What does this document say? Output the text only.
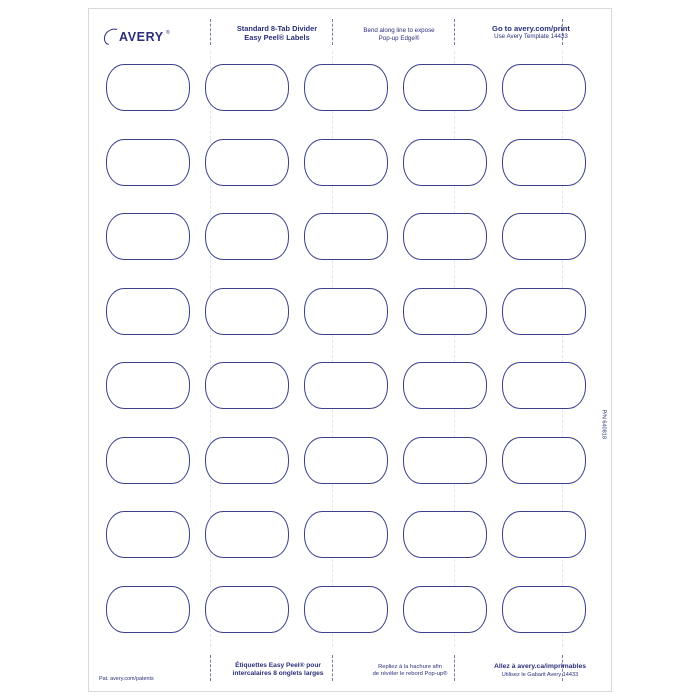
AVERY ®	Standard 8-Tab Divider
Easy Peel® Labels
Bend along line to expose
Pop-up Edge®
Go to avery.com/print
Use Avery Template 14433
P/N 640818
Pat. avery.com/patents
Étiquettes Easy Peel® pour
intercalaires 8 onglets larges
Repliez à la hachure afin
de révéler le rebord Pop-up®
Allez à avery.ca/imprimables
Utilisez le Gabarit Avery 14433
